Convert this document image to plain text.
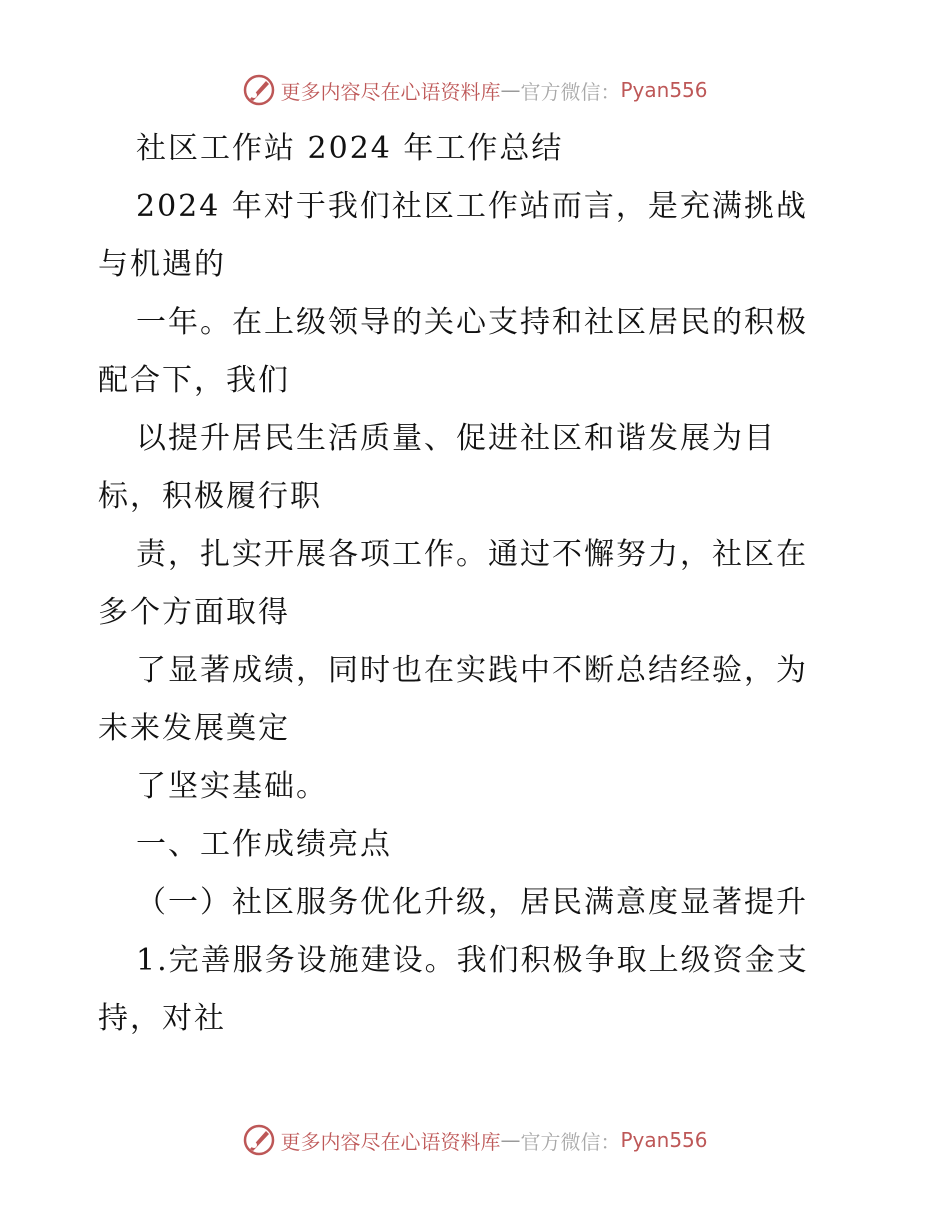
更多内容尽在心语资料库 — 官方微信： Pyan556
社区工作站 2024 年工作总结
2024 年对于我们社区工作站而言，是充满挑战
与机遇的
一年。在上级领导的关心支持和社区居民的积极
配合下，我们
以提升居民生活质量、促进社区和谐发展为目
标，积极履行职
责，扎实开展各项工作。通过不懈努力，社区在
多个方面取得
了显著成绩，同时也在实践中不断总结经验，为
未来发展奠定
了坚实基础。
一、工作成绩亮点
（一）社区服务优化升级，居民满意度显著提升
1.完善服务设施建设。我们积极争取上级资金支
持，对社
更多内容尽在心语资料库 — 官方微信： Pyan556
